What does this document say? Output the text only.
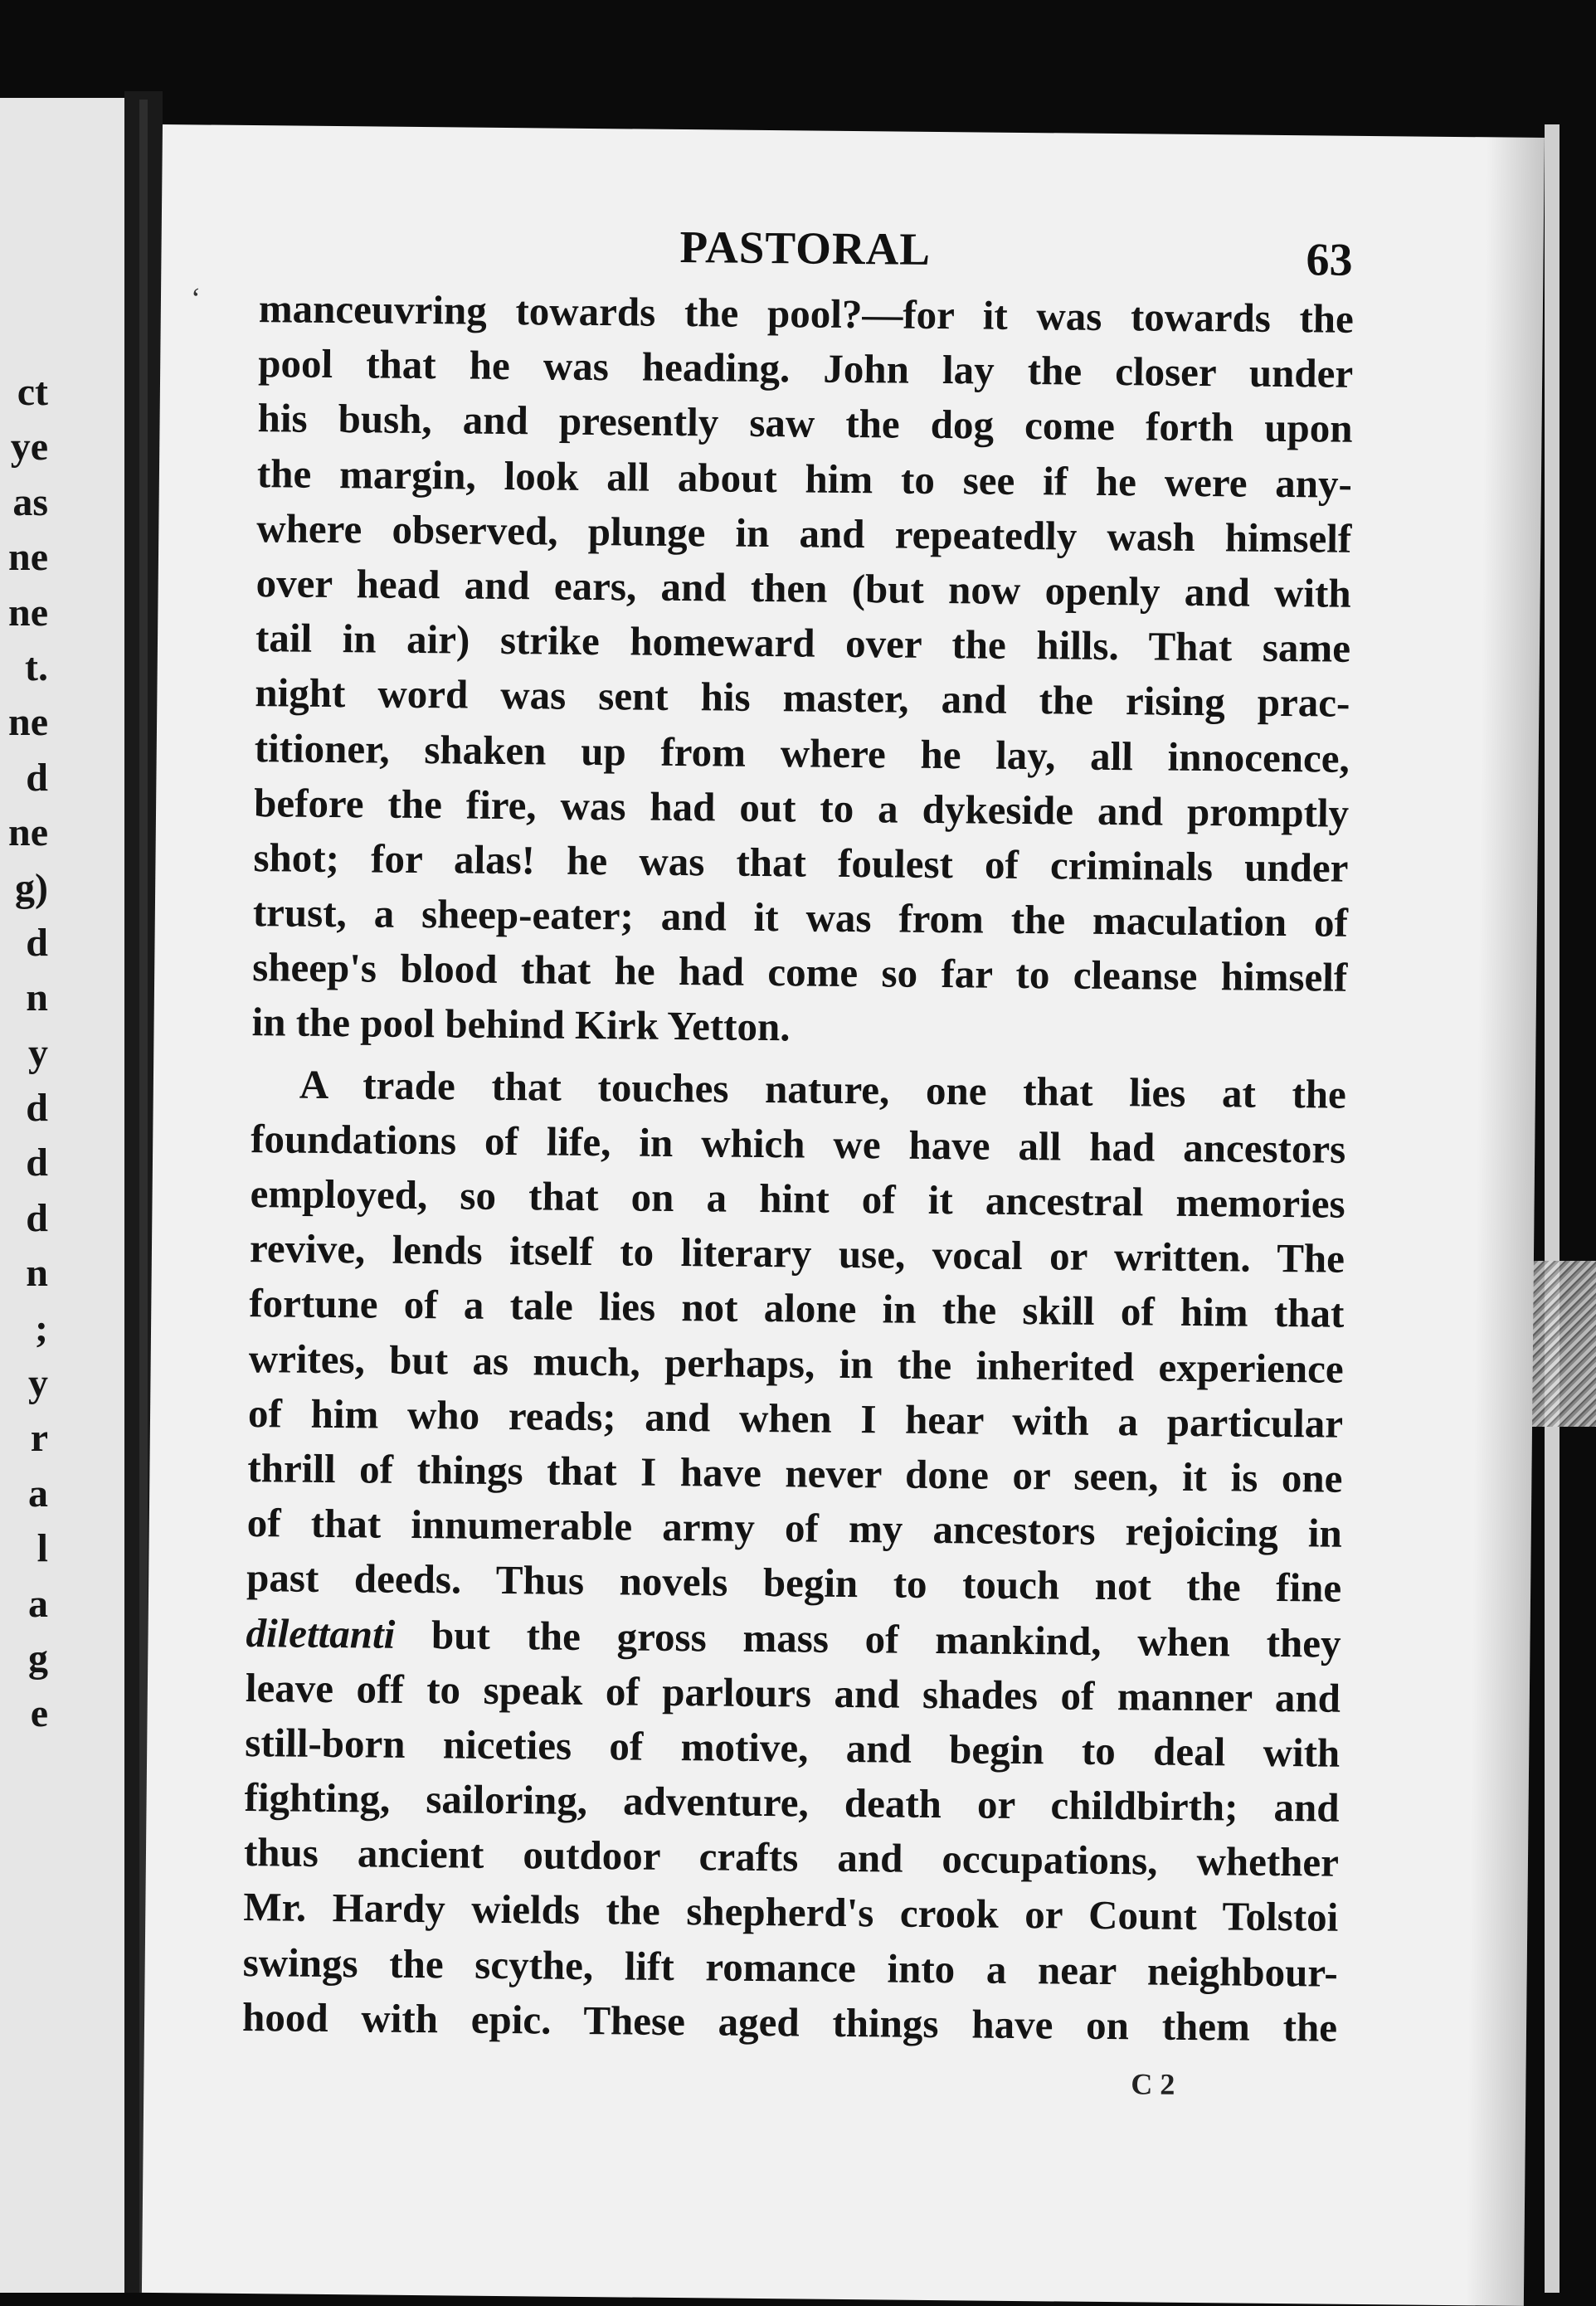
ct
ye
as
ne
ne
t.
ne
d
ne
g)
d
n
y
d
d
d
n
;
y
r
a
l
a
g
e
PASTORAL	63
‘ manceuvring towards the pool?—for it was towards the
pool that he was heading. John lay the closer under
his bush, and presently saw the dog come forth upon
the margin, look all about him to see if he were any-
where observed, plunge in and repeatedly wash himself
over head and ears, and then (but now openly and with
tail in air) strike homeward over the hills. That same
night word was sent his master, and the rising prac-
titioner, shaken up from where he lay, all innocence,
before the fire, was had out to a dykeside and promptly
shot; for alas! he was that foulest of criminals under
trust, a sheep-eater; and it was from the maculation of
sheep's blood that he had come so far to cleanse himself
in the pool behind Kirk Yetton.
A trade that touches nature, one that lies at the
foundations of life, in which we have all had ancestors
employed, so that on a hint of it ancestral memories
revive, lends itself to literary use, vocal or written. The
fortune of a tale lies not alone in the skill of him that
writes, but as much, perhaps, in the inherited experience
of him who reads; and when I hear with a particular
thrill of things that I have never done or seen, it is one
of that innumerable army of my ancestors rejoicing in
past deeds. Thus novels begin to touch not the fine
dilettanti but the gross mass of mankind, when they
leave off to speak of parlours and shades of manner and
still-born niceties of motive, and begin to deal with
fighting, sailoring, adventure, death or childbirth; and
thus ancient outdoor crafts and occupations, whether
Mr. Hardy wields the shepherd's crook or Count Tolstoi
swings the scythe, lift romance into a near neighbour-
hood with epic. These aged things have on them the
C 2
